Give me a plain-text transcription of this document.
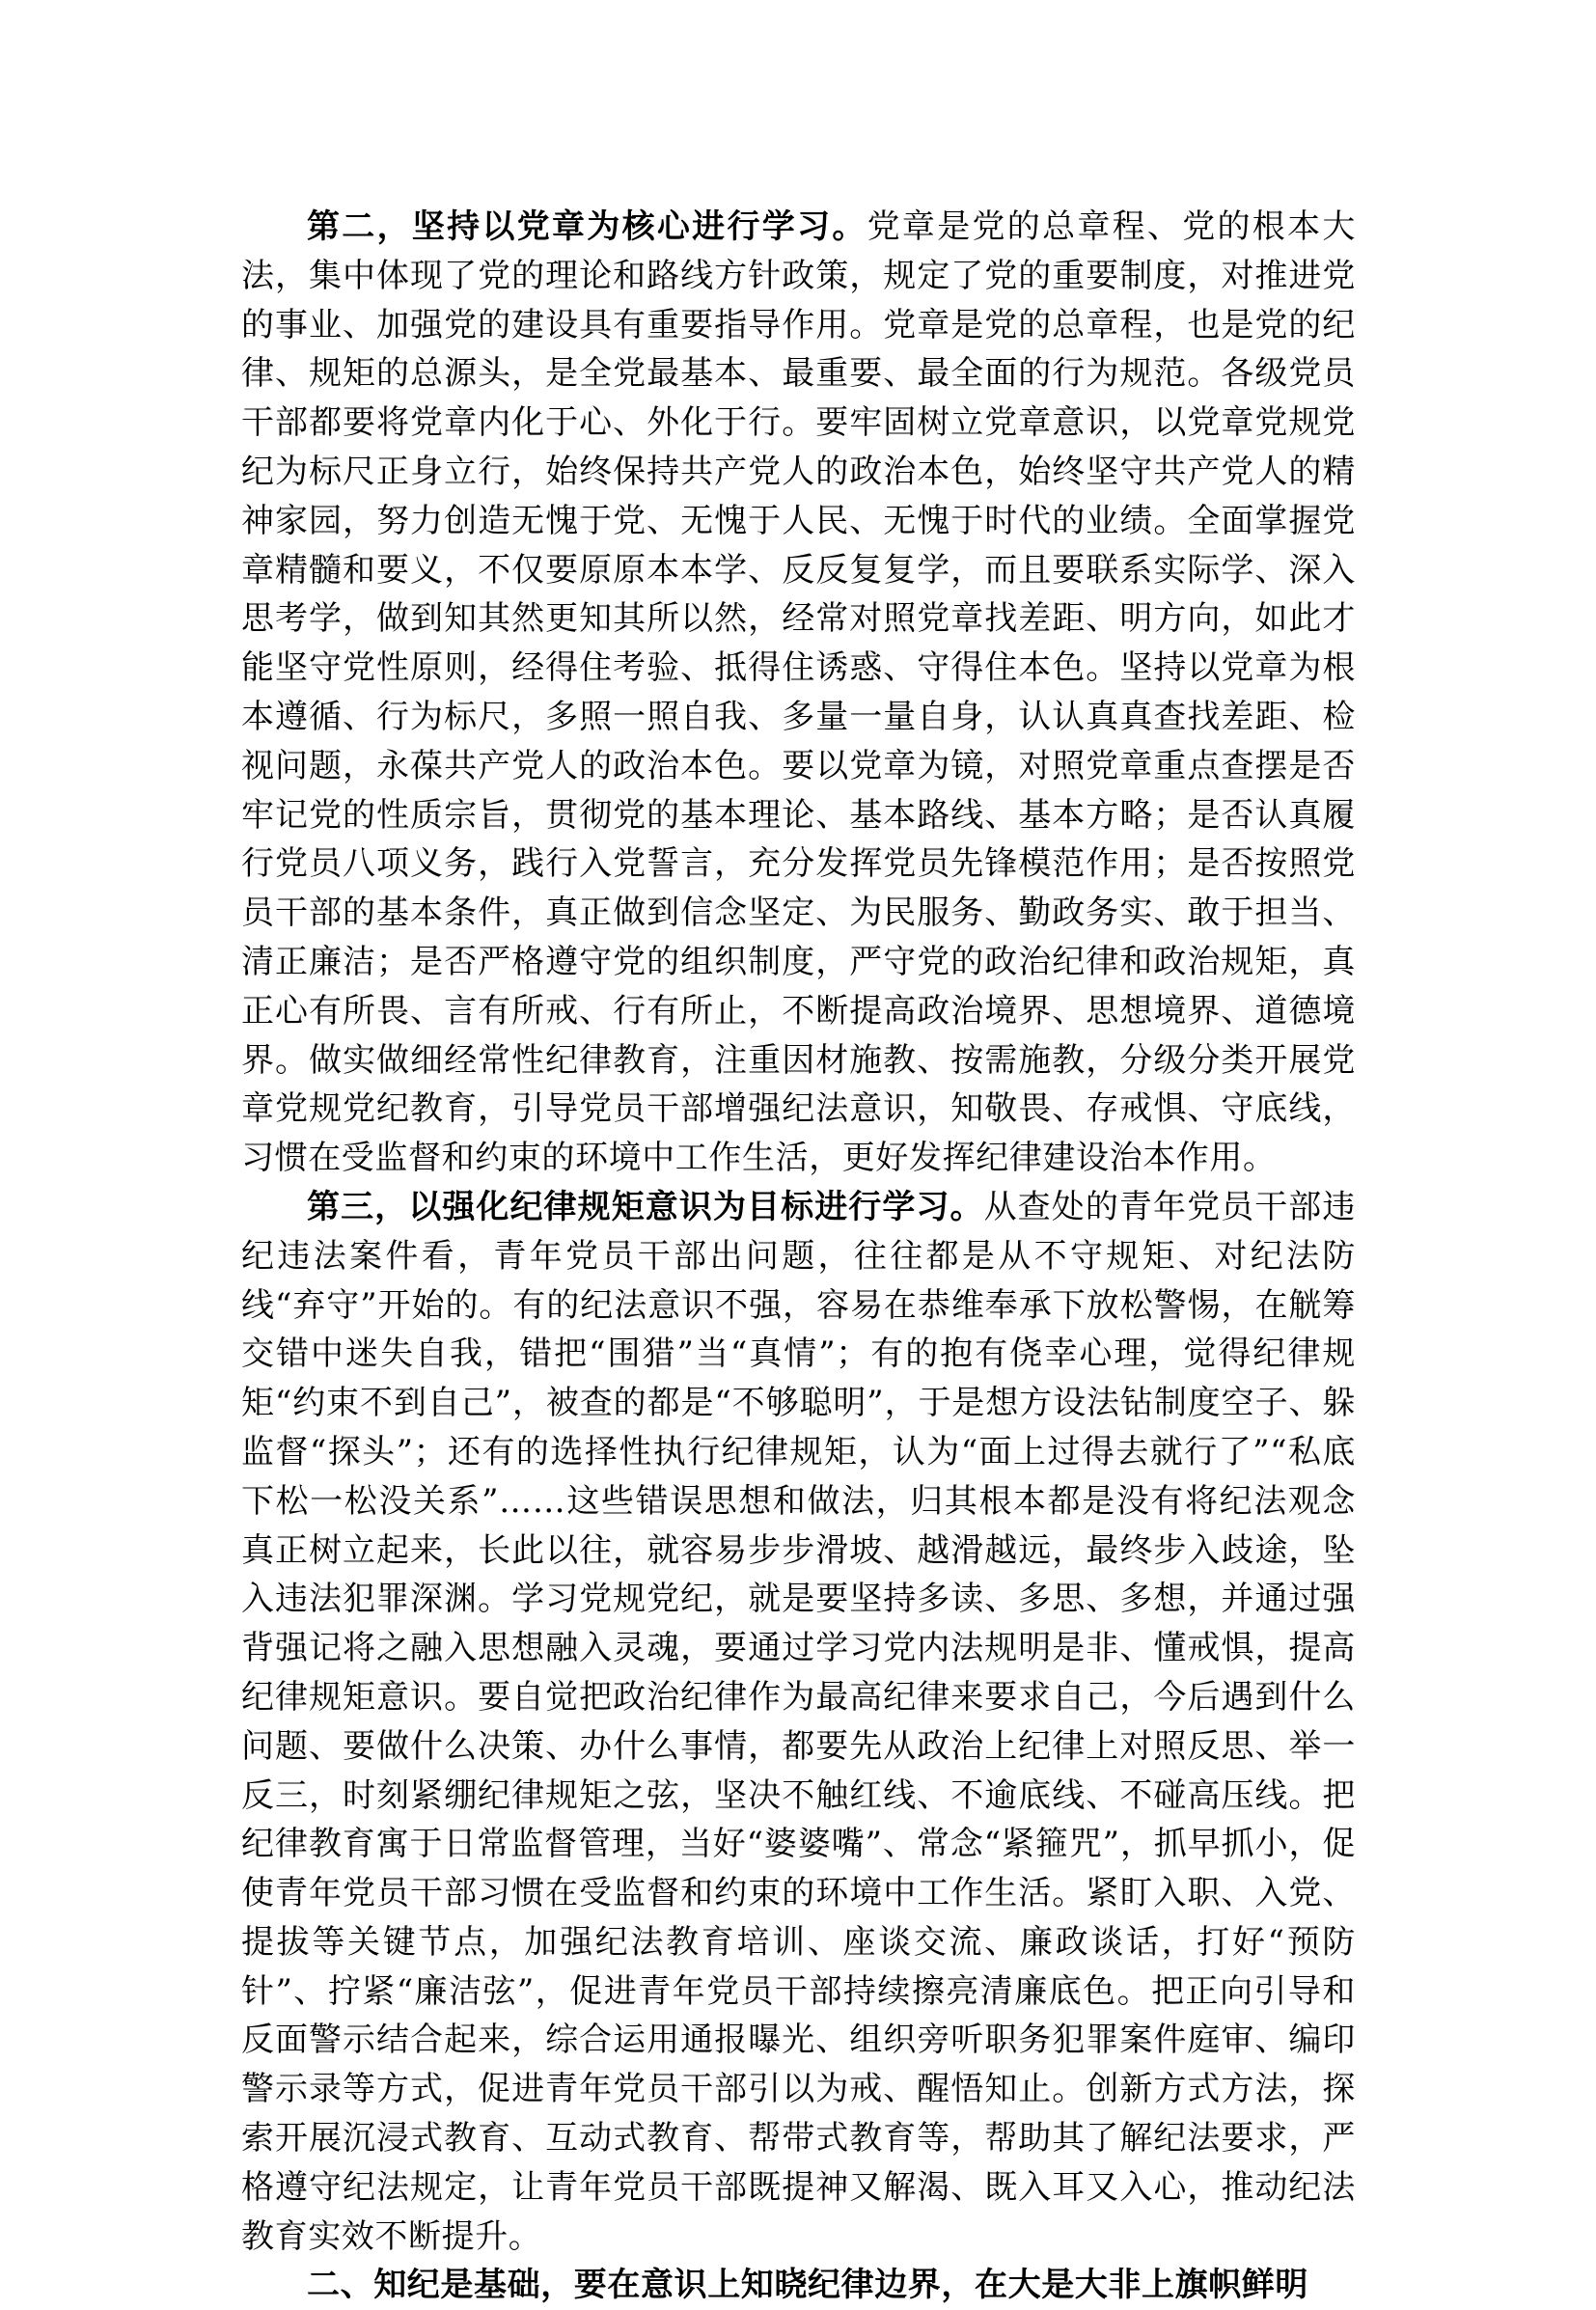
第二，坚持以党章为核心进行学习。党章是党的总章程、党的根本大法，集中体现了党的理论和路线方针政策，规定了党的重要制度，对推进党的事业、加强党的建设具有重要指导作用。党章是党的总章程，也是党的纪律、规矩的总源头，是全党最基本、最重要、最全面的行为规范。各级党员干部都要将党章内化于心、外化于行。要牢固树立党章意识，以党章党规党纪为标尺正身立行，始终保持共产党人的政治本色，始终坚守共产党人的精神家园，努力创造无愧于党、无愧于人民、无愧于时代的业绩。全面掌握党章精髓和要义，不仅要原原本本学、反反复复学，而且要联系实际学、深入思考学，做到知其然更知其所以然，经常对照党章找差距、明方向，如此才能坚守党性原则，经得住考验、抵得住诱惑、守得住本色。坚持以党章为根本遵循、行为标尺，多照一照自我、多量一量自身，认认真真查找差距、检视问题，永葆共产党人的政治本色。要以党章为镜，对照党章重点查摆是否牢记党的性质宗旨，贯彻党的基本理论、基本路线、基本方略；是否认真履行党员八项义务，践行入党誓言，充分发挥党员先锋模范作用；是否按照党员干部的基本条件，真正做到信念坚定、为民服务、勤政务实、敢于担当、清正廉洁；是否严格遵守党的组织制度，严守党的政治纪律和政治规矩，真正心有所畏、言有所戒、行有所止，不断提高政治境界、思想境界、道德境界。做实做细经常性纪律教育，注重因材施教、按需施教，分级分类开展党章党规党纪教育，引导党员干部增强纪法意识，知敬畏、存戒惧、守底线，习惯在受监督和约束的环境中工作生活，更好发挥纪律建设治本作用。

第三，以强化纪律规矩意识为目标进行学习。从查处的青年党员干部违纪违法案件看，青年党员干部出问题，往往都是从不守规矩、对纪法防线“弃守”开始的。有的纪法意识不强，容易在恭维奉承下放松警惕，在觥筹交错中迷失自我，错把“围猎”当“真情”；有的抱有侥幸心理，觉得纪律规矩“约束不到自己”，被查的都是“不够聪明”，于是想方设法钻制度空子、躲监督“探头”；还有的选择性执行纪律规矩，认为“面上过得去就行了”“私底下松一松没关系”……这些错误思想和做法，归其根本都是没有将纪法观念真正树立起来，长此以往，就容易步步滑坡、越滑越远，最终步入歧途，坠入违法犯罪深渊。学习党规党纪，就是要坚持多读、多思、多想，并通过强背强记将之融入思想融入灵魂，要通过学习党内法规明是非、懂戒惧，提高纪律规矩意识。要自觉把政治纪律作为最高纪律来要求自己，今后遇到什么问题、要做什么决策、办什么事情，都要先从政治上纪律上对照反思、举一反三，时刻紧绷纪律规矩之弦，坚决不触红线、不逾底线、不碰高压线。把纪律教育寓于日常监督管理，当好“婆婆嘴”、常念“紧箍咒”，抓早抓小，促使青年党员干部习惯在受监督和约束的环境中工作生活。紧盯入职、入党、提拔等关键节点，加强纪法教育培训、座谈交流、廉政谈话，打好“预防针”、拧紧“廉洁弦”，促进青年党员干部持续擦亮清廉底色。把正向引导和反面警示结合起来，综合运用通报曝光、组织旁听职务犯罪案件庭审、编印警示录等方式，促进青年党员干部引以为戒、醒悟知止。创新方式方法，探索开展沉浸式教育、互动式教育、帮带式教育等，帮助其了解纪法要求，严格遵守纪法规定，让青年党员干部既提神又解渴、既入耳又入心，推动纪法教育实效不断提升。

二、知纪是基础，要在意识上知晓纪律边界，在大是大非上旗帜鲜明
